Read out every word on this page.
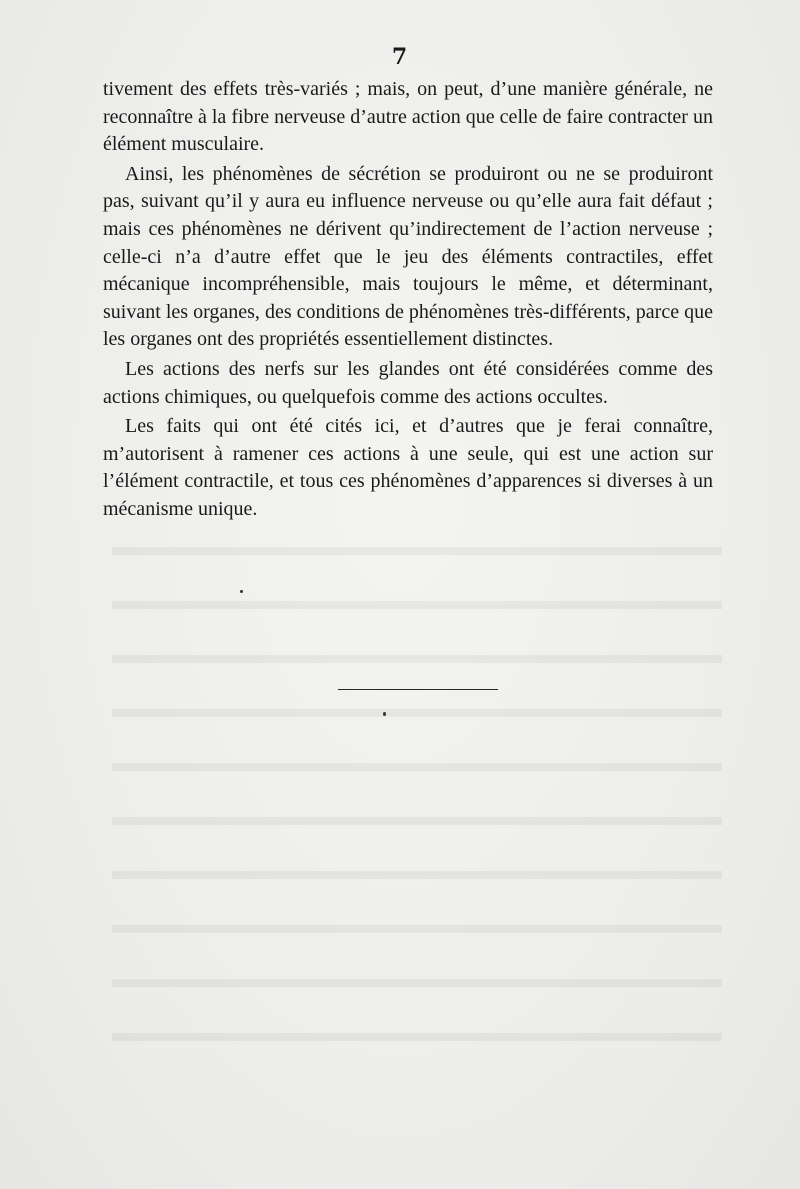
7

tivement des effets très-variés ; mais, on peut, d’une manière générale, ne reconnaître à la fibre nerveuse d’autre action que celle de faire contracter un élément musculaire.

Ainsi, les phénomènes de sécrétion se produiront ou ne se produiront pas, suivant qu’il y aura eu influence nerveuse ou qu’elle aura fait défaut ; mais ces phénomènes ne dérivent qu’indirectement de l’action nerveuse ; celle-ci n’a d’autre effet que le jeu des éléments contractiles, effet mécanique incompréhensible, mais toujours le même, et déterminant, suivant les organes, des conditions de phénomènes très-différents, parce que les organes ont des propriétés essentiellement distinctes.

Les actions des nerfs sur les glandes ont été considérées comme des actions chimiques, ou quelquefois comme des actions occultes.

Les faits qui ont été cités ici, et d’autres que je ferai connaître, m’autorisent à ramener ces actions à une seule, qui est une action sur l’élément contractile, et tous ces phénomènes d’apparences si diverses à un mécanisme unique.
